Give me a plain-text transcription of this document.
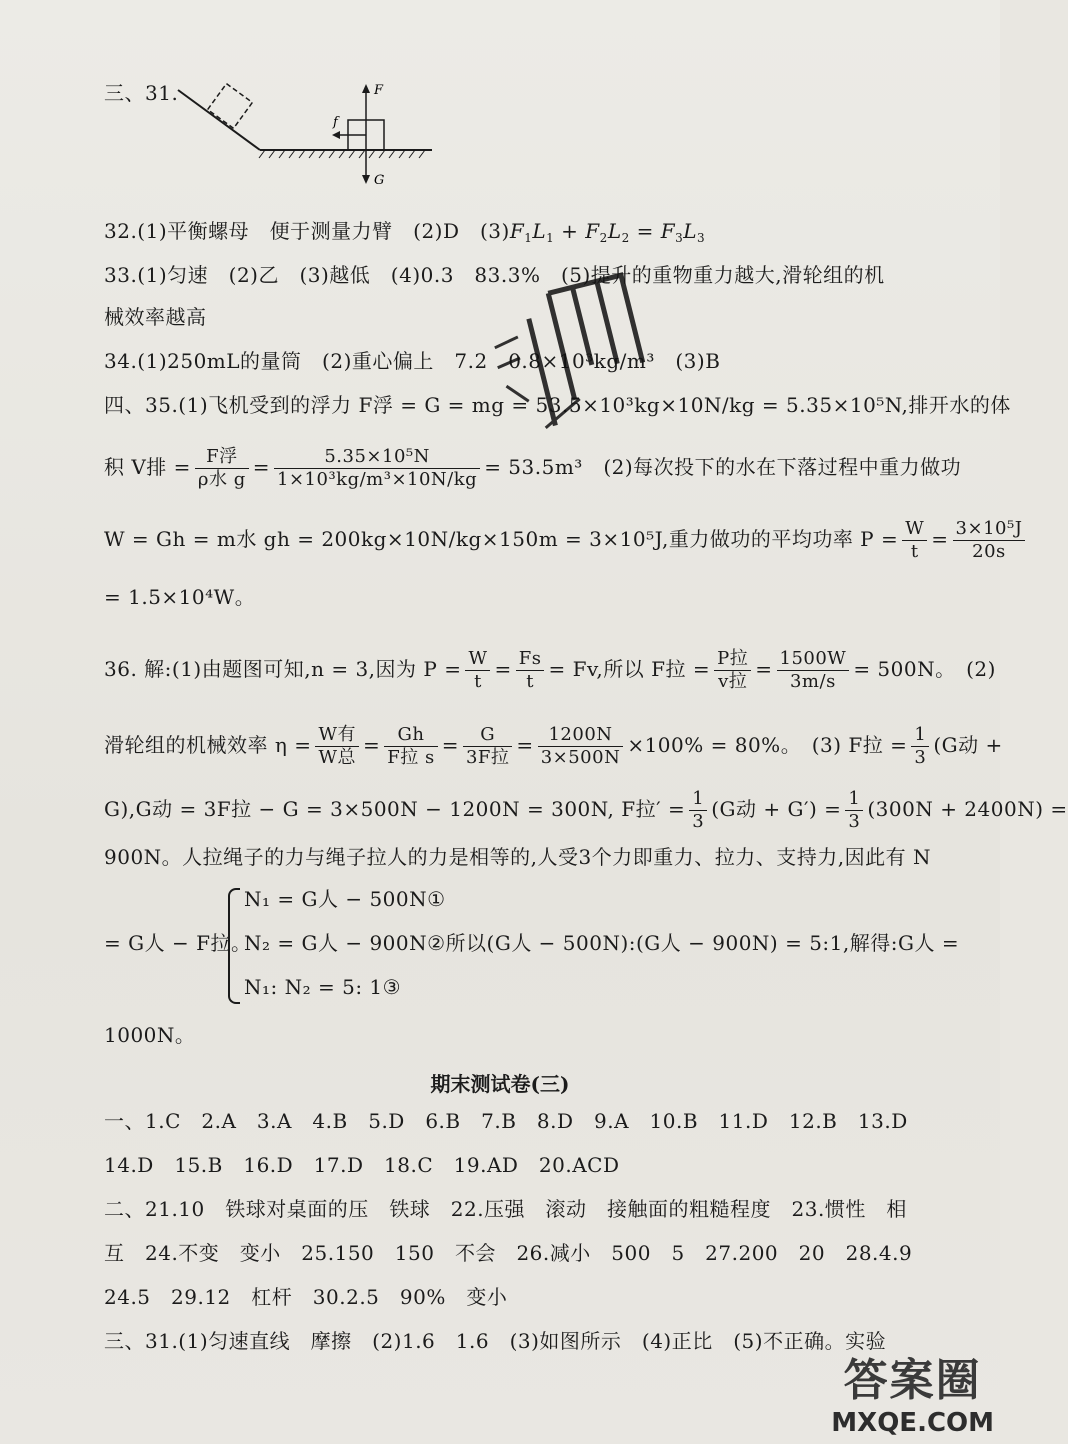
三、31.	F
f
G
32.(1)平衡螺母　便于测量力臂　(2)D　$(3)F_1L_1 + F_2L_2 = F_3L_3$
33.(1)匀速　(2)乙　(3)越低　(4)0.3　83.3%　(5)提升的重物重力越大,滑轮组的机
械效率越高
34.(1)250mL的量筒　(2)重心偏上　7.2　0.8×10³kg/m³　(3)B
四、35.(1)飞机受到的浮力 F浮 = G = mg = 53.5×10³kg×10N/kg = 5.35×10⁵N,排开水的体
积 V排 = $\frac{\text{F浮}}{\text{ρ水 g}} = \frac{\text{5.35×10⁵N}}{\text{1×10³kg/m³×10N/kg}} = 53.5m^3$　(2)每次投下的水在下落过程中重力做功
W = Gh = m水 gh = 200kg×10N/kg×150m = 3×10⁵J,重力做功的平均功率 $P = \frac{W}{t} = \frac{\text{3×10⁵J}}{20s}$
= 1.5×10⁴W。
36. 解:(1)由题图可知,n = 3,因为 $P = \frac{W}{t} = \frac{Fs}{t} = Fv$,所以 F拉 = $\frac{\text{P拉}}{\text{v拉}} = \frac{1500W}{3m/s} = 500N$。　(2)
滑轮组的机械效率 $\eta = \frac{\text{W有}}{\text{W总}} = \frac{Gh}{\text{F拉 s}} = \frac{G}{\text{3F拉}} = \frac{1200N}{3\times 500N} \times 100\% = 80\%$。　(3) F拉 = $\frac{1}{3} (G$动 +
G),G动 = 3F拉 − G = 3×500N − 1200N = 300N, F拉′ = $\frac{1}{3} (G$动 + $G') = \frac{1}{3} (300N + 2400N)$ =
900N。人拉绳子的力与绳子拉人的力是相等的,人受3个力即重力、拉力、支持力,因此有 N
N₁ = G人 − 500N①
= G人 − F拉。
N₂ = G人 − 900N②所以(G人 − 500N):(G人 − 900N) = 5:1,解得:G人 =
N₁: N₂ = 5: 1③
1000N。
期末测试卷(三)
一、1.C　2.A　3.A　4.B　5.D　6.B　7.B　8.D　9.A　10.B　11.D　12.B　13.D
14.D　15.B　16.D　17.D　18.C　19.AD　20.ACD
二、21.10　铁球对桌面的压　铁球　22.压强　滚动　接触面的粗糙程度　23.惯性　相
互　24.不变　变小　25.150　150　不会　26.减小　500　5　27.200　20　28.4.9
24.5　29.12　杠杆　30.2.5　90%　变小
三、31.(1)匀速直线　摩擦　(2)1.6　1.6　(3)如图所示　(4)正比　(5)不正确。实验
答案圈
MXQE.COM
